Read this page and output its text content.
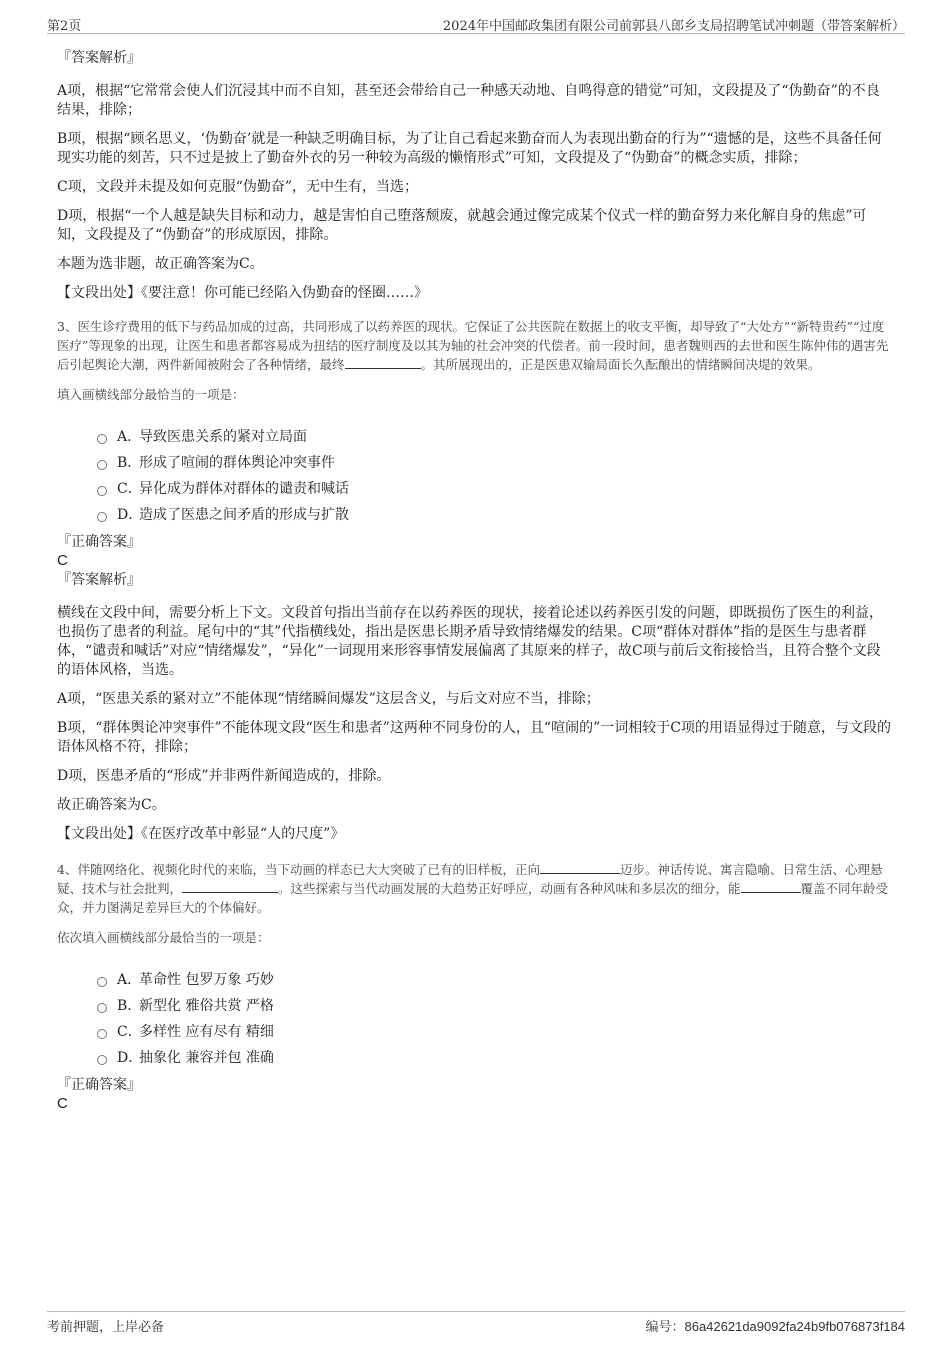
第2页	2024年中国邮政集团有限公司前郭县八郎乡支局招聘笔试冲刺题（带答案解析）
『答案解析』

A项，根据“它常常会使人们沉浸其中而不自知，甚至还会带给自己一种感天动地、自鸣得意的错觉”可知，文段提及了“伪勤奋”的不良结果，排除；

B项，根据“顾名思义，‘伪勤奋’就是一种缺乏明确目标，为了让自己看起来勤奋而人为表现出勤奋的行为”“遗憾的是，这些不具备任何现实功能的刻苦，只不过是披上了勤奋外衣的另一种较为高级的懒惰形式”可知，文段提及了“伪勤奋”的概念实质，排除；

C项，文段并未提及如何克服“伪勤奋”，无中生有，当选；

D项，根据“一个人越是缺失目标和动力，越是害怕自己堕落颓废，就越会通过像完成某个仪式一样的勤奋努力来化解自身的焦虑”可知，文段提及了“伪勤奋”的形成原因，排除。

本题为选非题，故正确答案为C。

【文段出处】《要注意！你可能已经陷入伪勤奋的怪圈……》

3、医生诊疗费用的低下与药品加成的过高，共同形成了以药养医的现状。它保证了公共医院在数据上的收支平衡，却导致了“大处方”“新特贵药”“过度医疗”等现象的出现，让医生和患者都容易成为扭结的医疗制度及以其为轴的社会冲突的代偿者。前一段时间，患者魏则西的去世和医生陈仲伟的遇害先后引起舆论大潮，两件新闻被附会了各种情绪，最终	。其所展现出的，正是医患双输局面长久酝酿出的情绪瞬间决堤的效果。

填入画横线部分最恰当的一项是：

A．
导致医患关系的紧对立局面
B．
形成了喧闹的群体舆论冲突事件
C．
异化成为群体对群体的谴责和喊话
D．
造成了医患之间矛盾的形成与扩散
『正确答案』
C
『答案解析』

横线在文段中间，需要分析上下文。文段首句指出当前存在以药养医的现状，接着论述以药养医引发的问题，即既损伤了医生的利益，也损伤了患者的利益。尾句中的“其”代指横线处，指出是医患长期矛盾导致情绪爆发的结果。C项“群体对群体”指的是医生与患者群体，“谴责和喊话”对应“情绪爆发”，“异化”一词现用来形容事情发展偏离了其原来的样子，故C项与前后文衔接恰当，且符合整个文段的语体风格，当选。

A项，“医患关系的紧对立”不能体现“情绪瞬间爆发”这层含义，与后文对应不当，排除；

B项，“群体舆论冲突事件”不能体现文段“医生和患者”这两种不同身份的人，且“喧闹的”一词相较于C项的用语显得过于随意，与文段的语体风格不符，排除；

D项，医患矛盾的“形成”并非两件新闻造成的，排除。

故正确答案为C。

【文段出处】《在医疗改革中彰显“人的尺度”》

4、伴随网络化、视频化时代的来临，当下动画的样态已大大突破了已有的旧样板，正向	迈步。神话传说、寓言隐喻、日常生活、心理悬疑、技术与社会批判，	。这些探索与当代动画发展的大趋势正好呼应，动画有各种风味和多层次的细分，能	覆盖不同年龄受众，并力图满足差异巨大的个体偏好。

依次填入画横线部分最恰当的一项是：

A．
革命性 包罗万象 巧妙
B．
新型化 雅俗共赏 严格
C．
多样性 应有尽有 精细
D．
抽象化 兼容并包 准确
『正确答案』
C
考前押题，上岸必备	编号：86a42621da9092fa24b9fb076873f184
